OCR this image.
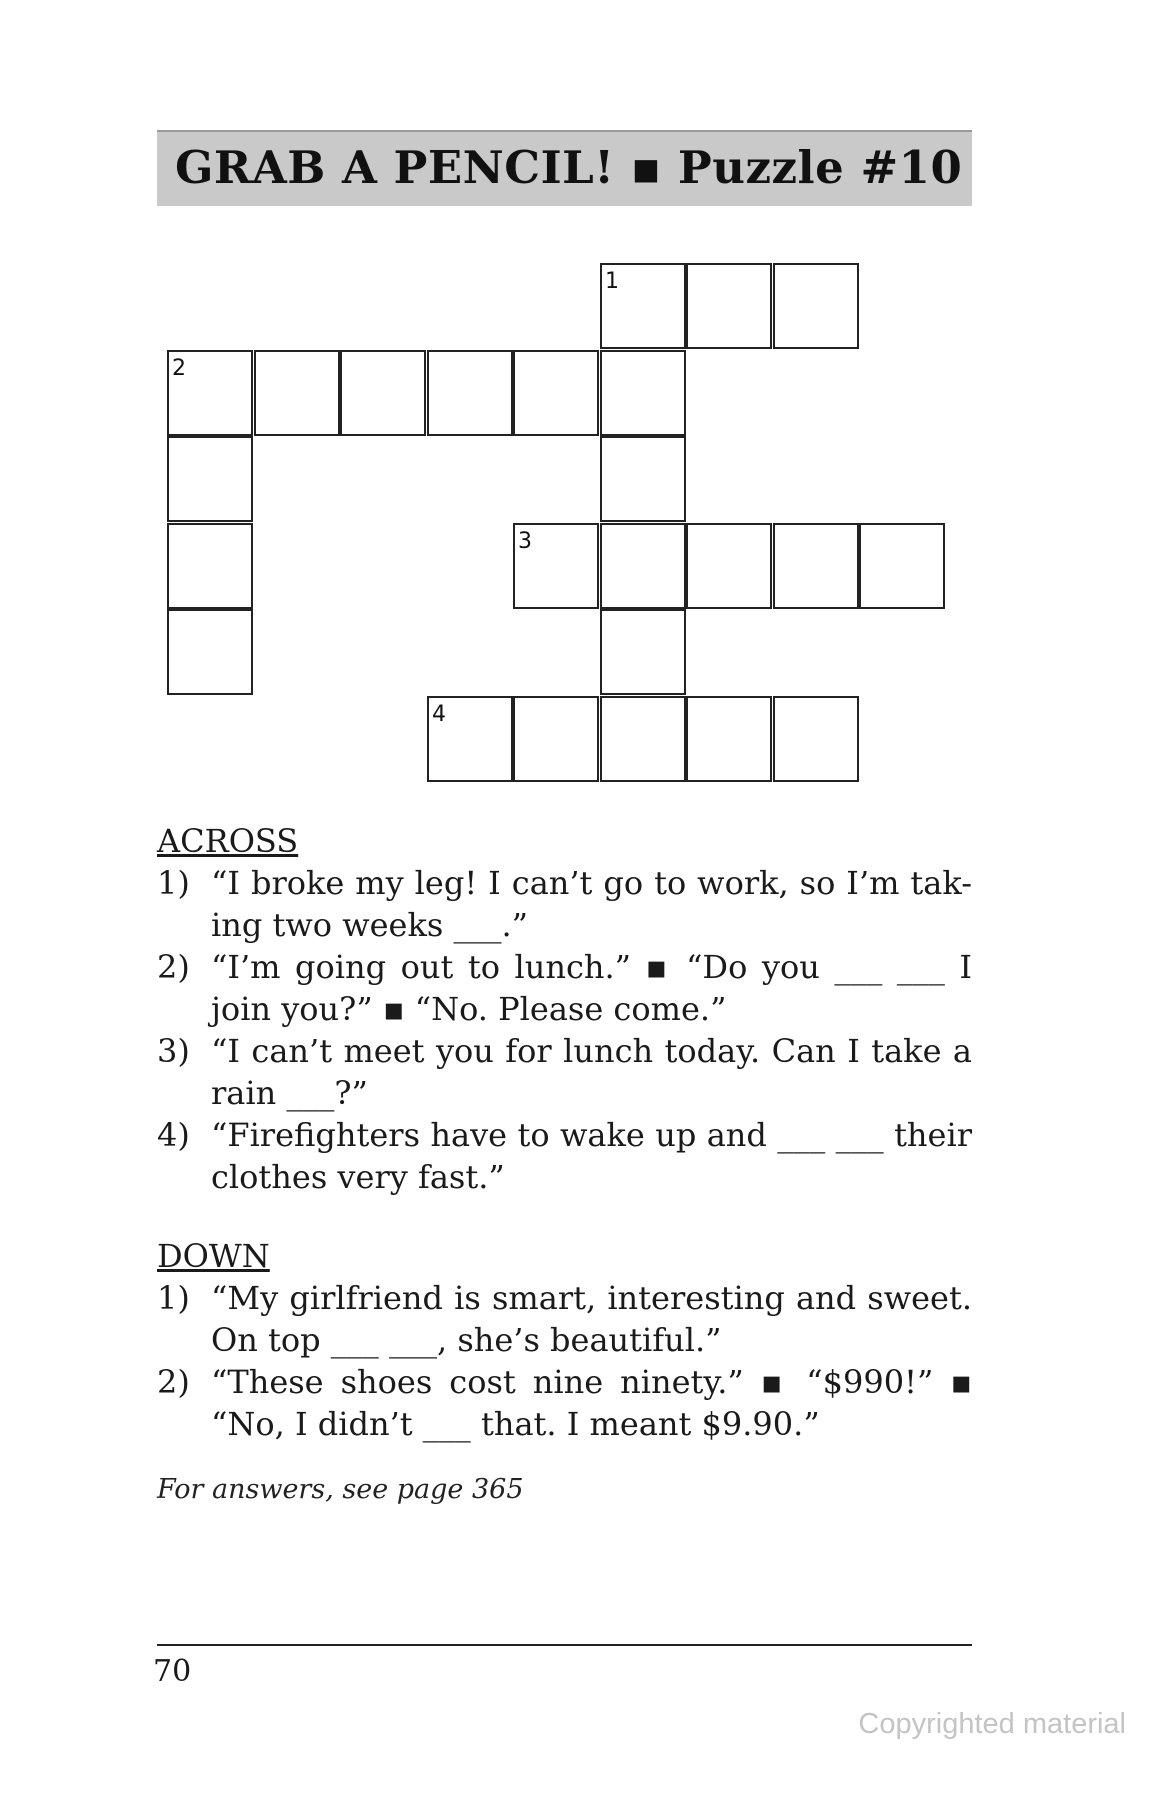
GRAB A PENCIL! ▪ Puzzle #10
1
2
3
4
ACROSS
1) “I broke my leg! I can’t go to work, so I’m tak-ing two weeks ___.”
2) “I’m going out to lunch.” ▪ “Do you ___ ___ I join you?” ▪ “No. Please come.”
3) “I can’t meet you for lunch today. Can I take a rain ___?”
4) “Firefighters have to wake up and ___ ___ their clothes very fast.”
DOWN
1) “My girlfriend is smart, interesting and sweet. On top ___ ___, she’s beautiful.”
2) “These shoes cost nine ninety.” ▪ “$990!” ▪ “No, I didn’t ___ that. I meant $9.90.”
For answers, see page 365
70
Copyrighted material
